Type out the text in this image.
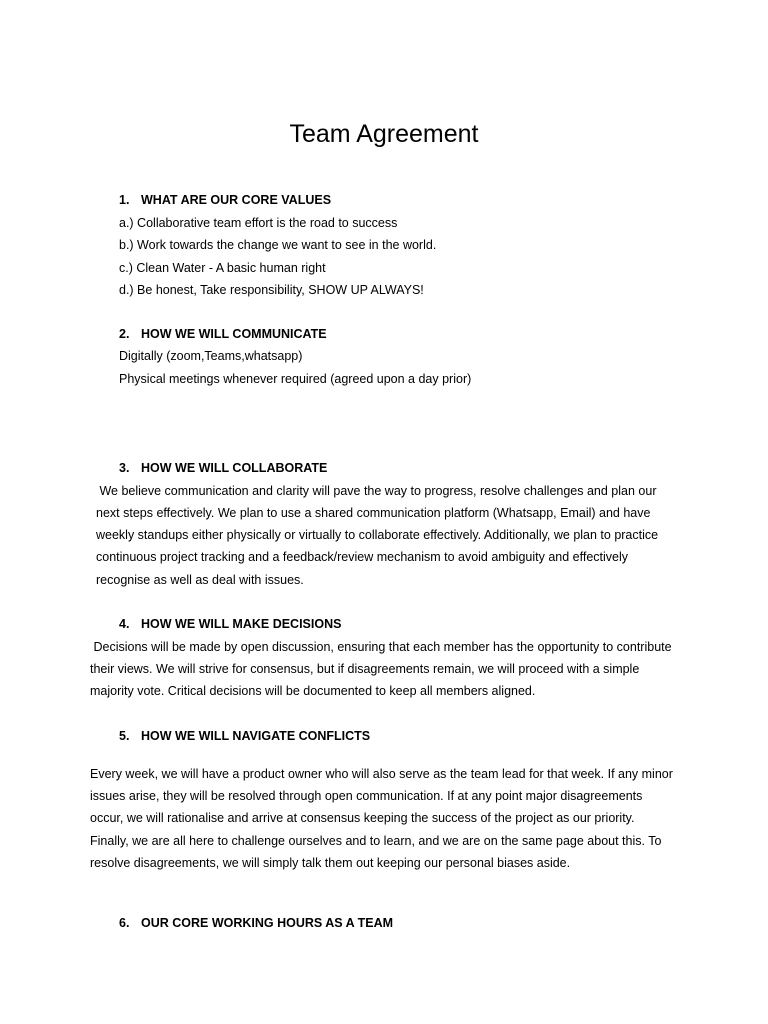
Team Agreement
1. WHAT ARE OUR CORE VALUES
a.) Collaborative team effort is the road to success
b.) Work towards the change we want to see in the world.
c.) Clean Water - A basic human right
d.) Be honest, Take responsibility, SHOW UP ALWAYS!
2. HOW WE WILL COMMUNICATE
Digitally (zoom,Teams,whatsapp)
Physical meetings whenever required (agreed upon a day prior)
3. HOW WE WILL COLLABORATE
We believe communication and clarity will pave the way to progress, resolve challenges and plan our
next steps effectively. We plan to use a shared communication platform (Whatsapp, Email) and have
weekly standups either physically or virtually to collaborate effectively. Additionally, we plan to practice
continuous project tracking and a feedback/review mechanism to avoid ambiguity and effectively
recognise as well as deal with issues.
4. HOW WE WILL MAKE DECISIONS
Decisions will be made by open discussion, ensuring that each member has the opportunity to contribute
their views. We will strive for consensus, but if disagreements remain, we will proceed with a simple
majority vote. Critical decisions will be documented to keep all members aligned.
5. HOW WE WILL NAVIGATE CONFLICTS
Every week, we will have a product owner who will also serve as the team lead for that week. If any minor
issues arise, they will be resolved through open communication. If at any point major disagreements
occur, we will rationalise and arrive at consensus keeping the success of the project as our priority.
Finally, we are all here to challenge ourselves and to learn, and we are on the same page about this. To
resolve disagreements, we will simply talk them out keeping our personal biases aside.
6. OUR CORE WORKING HOURS AS A TEAM
